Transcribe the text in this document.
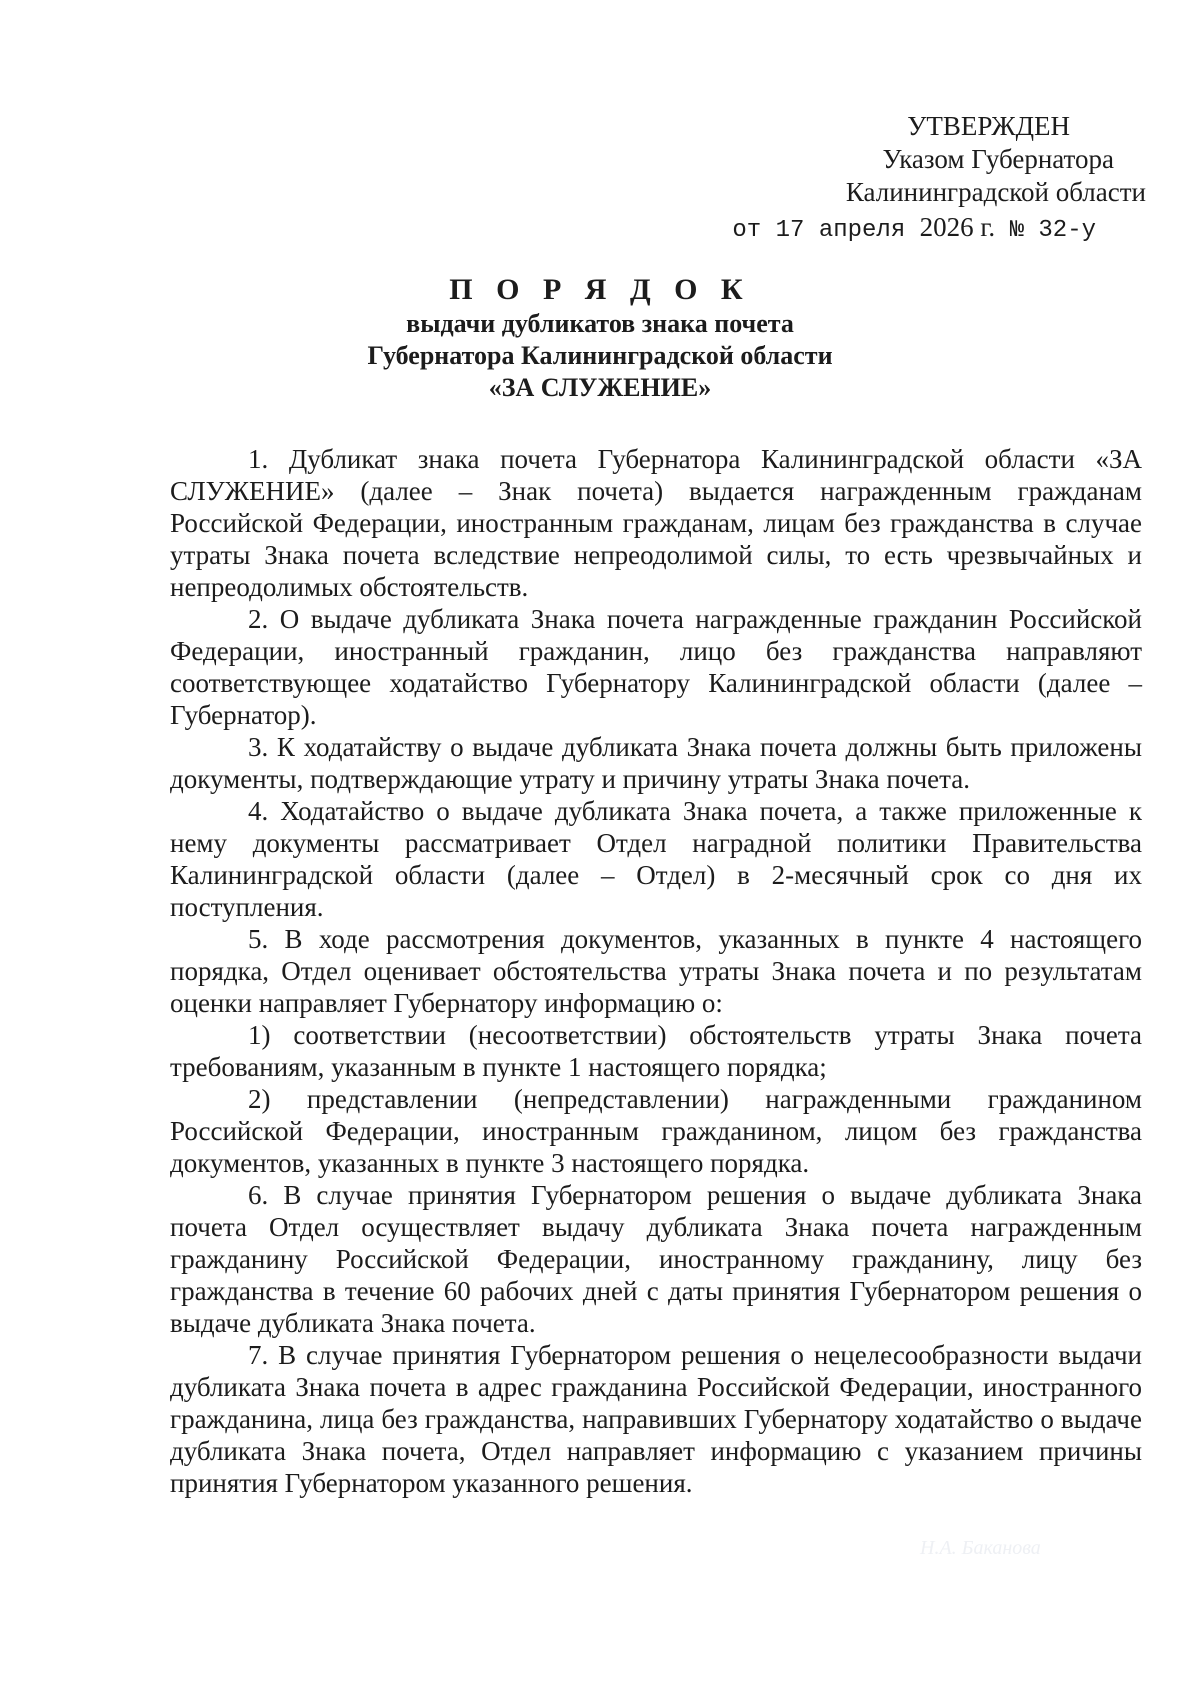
УТВЕРЖДЕН
Указом Губернатора
Калининградской области
от 17 апреля 2026 г. № 32-у
П О Р Я Д О К
выдачи дубликатов знака почета
Губернатора Калининградской области
«ЗА СЛУЖЕНИЕ»

1. Дубликат знака почета Губернатора Калининградской области «ЗА СЛУЖЕНИЕ» (далее – Знак почета) выдается награжденным гражданам Российской Федерации, иностранным гражданам, лицам без гражданства в случае утраты Знака почета вследствие непреодолимой силы, то есть чрезвычайных и непреодолимых обстоятельств.

2. О выдаче дубликата Знака почета награжденные гражданин Российской Федерации, иностранный гражданин, лицо без гражданства направляют соответствующее ходатайство Губернатору Калининградской области (далее – Губернатор).

3. К ходатайству о выдаче дубликата Знака почета должны быть приложены документы, подтверждающие утрату и причину утраты Знака почета.

4. Ходатайство о выдаче дубликата Знака почета, а также приложенные к нему документы рассматривает Отдел наградной политики Правительства Калининградской области (далее – Отдел) в 2-месячный срок со дня их поступления.

5. В ходе рассмотрения документов, указанных в пункте 4 настоящего порядка, Отдел оценивает обстоятельства утраты Знака почета и по результатам оценки направляет Губернатору информацию о:

1) соответствии (несоответствии) обстоятельств утраты Знака почета требованиям, указанным в пункте 1 настоящего порядка;

2) представлении (непредставлении) награжденными гражданином Российской Федерации, иностранным гражданином, лицом без гражданства документов, указанных в пункте 3 настоящего порядка.

6. В случае принятия Губернатором решения о выдаче дубликата Знака почета Отдел осуществляет выдачу дубликата Знака почета награжденным гражданину Российской Федерации, иностранному гражданину, лицу без гражданства в течение 60 рабочих дней с даты принятия Губернатором решения о выдаче дубликата Знака почета.

7. В случае принятия Губернатором решения о нецелесообразности выдачи дубликата Знака почета в адрес гражданина Российской Федерации, иностранного гражданина, лица без гражданства, направивших Губернатору ходатайство о выдаче дубликата Знака почета, Отдел направляет информацию с указанием причины принятия Губернатором указанного решения.

Н.А. Баканова
